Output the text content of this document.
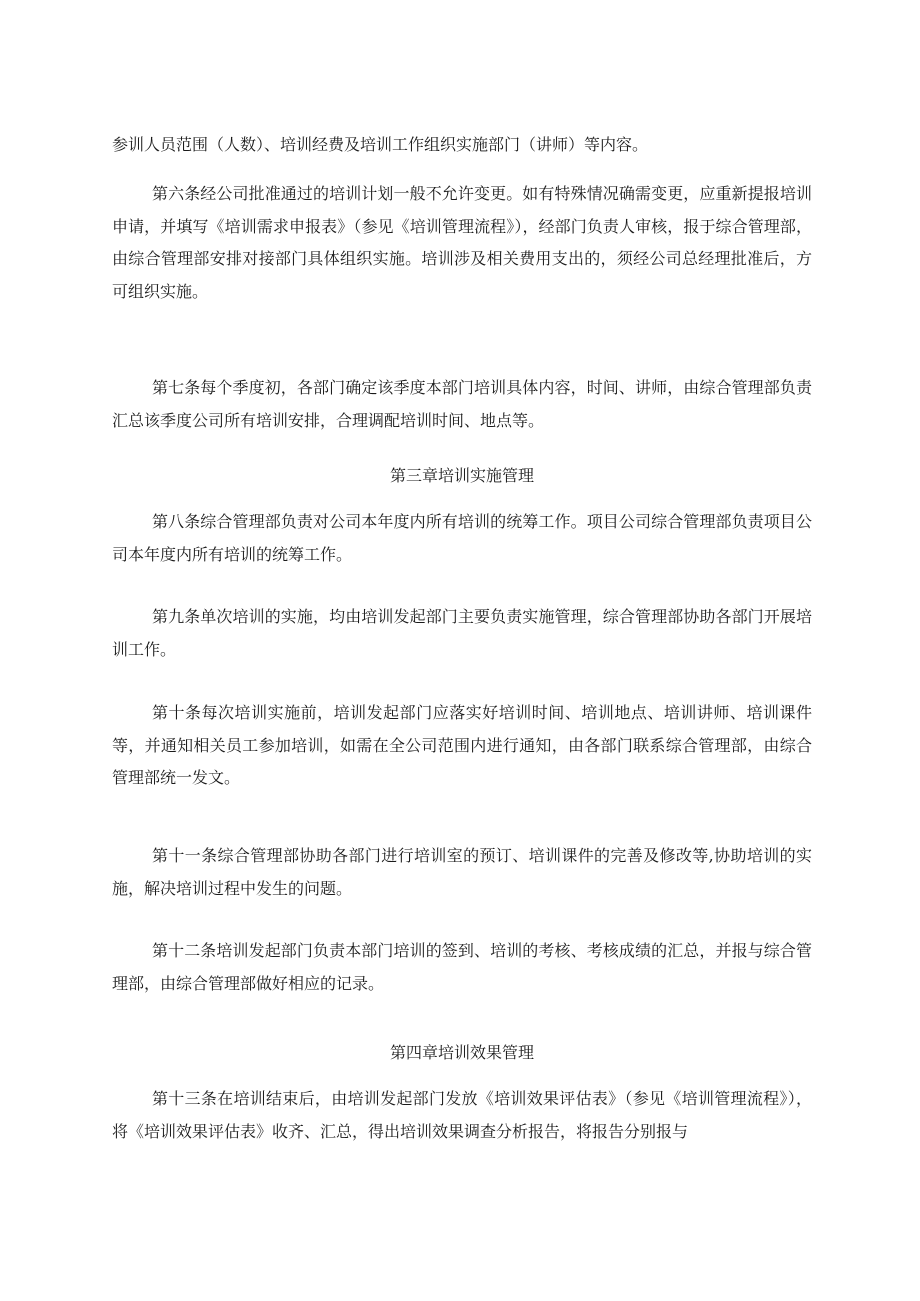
参训人员范围（人数）、培训经费及培训工作组织实施部门（讲师）等内容。

第六条经公司批准通过的培训计划一般不允许变更。如有特殊情况确需变更，应重新提报培训申请，并填写《培训需求申报表》（参见《培训管理流程》），经部门负责人审核，报于综合管理部，由综合管理部安排对接部门具体组织实施。培训涉及相关费用支出的，须经公司总经理批准后，方可组织实施。

第七条每个季度初，各部门确定该季度本部门培训具体内容，时间、讲师，由综合管理部负责汇总该季度公司所有培训安排，合理调配培训时间、地点等。

第三章培训实施管理

第八条综合管理部负责对公司本年度内所有培训的统筹工作。项目公司综合管理部负责项目公司本年度内所有培训的统筹工作。

第九条单次培训的实施，均由培训发起部门主要负责实施管理，综合管理部协助各部门开展培训工作。

第十条每次培训实施前，培训发起部门应落实好培训时间、培训地点、培训讲师、培训课件等，并通知相关员工参加培训，如需在全公司范围内进行通知，由各部门联系综合管理部，由综合管理部统一发文。

第十一条综合管理部协助各部门进行培训室的预订、培训课件的完善及修改等,协助培训的实施，解决培训过程中发生的问题。

第十二条培训发起部门负责本部门培训的签到、培训的考核、考核成绩的汇总，并报与综合管理部，由综合管理部做好相应的记录。

第四章培训效果管理

第十三条在培训结束后，由培训发起部门发放《培训效果评估表》（参见《培训管理流程》），将《培训效果评估表》收齐、汇总，得出培训效果调查分析报告，将报告分别报与
